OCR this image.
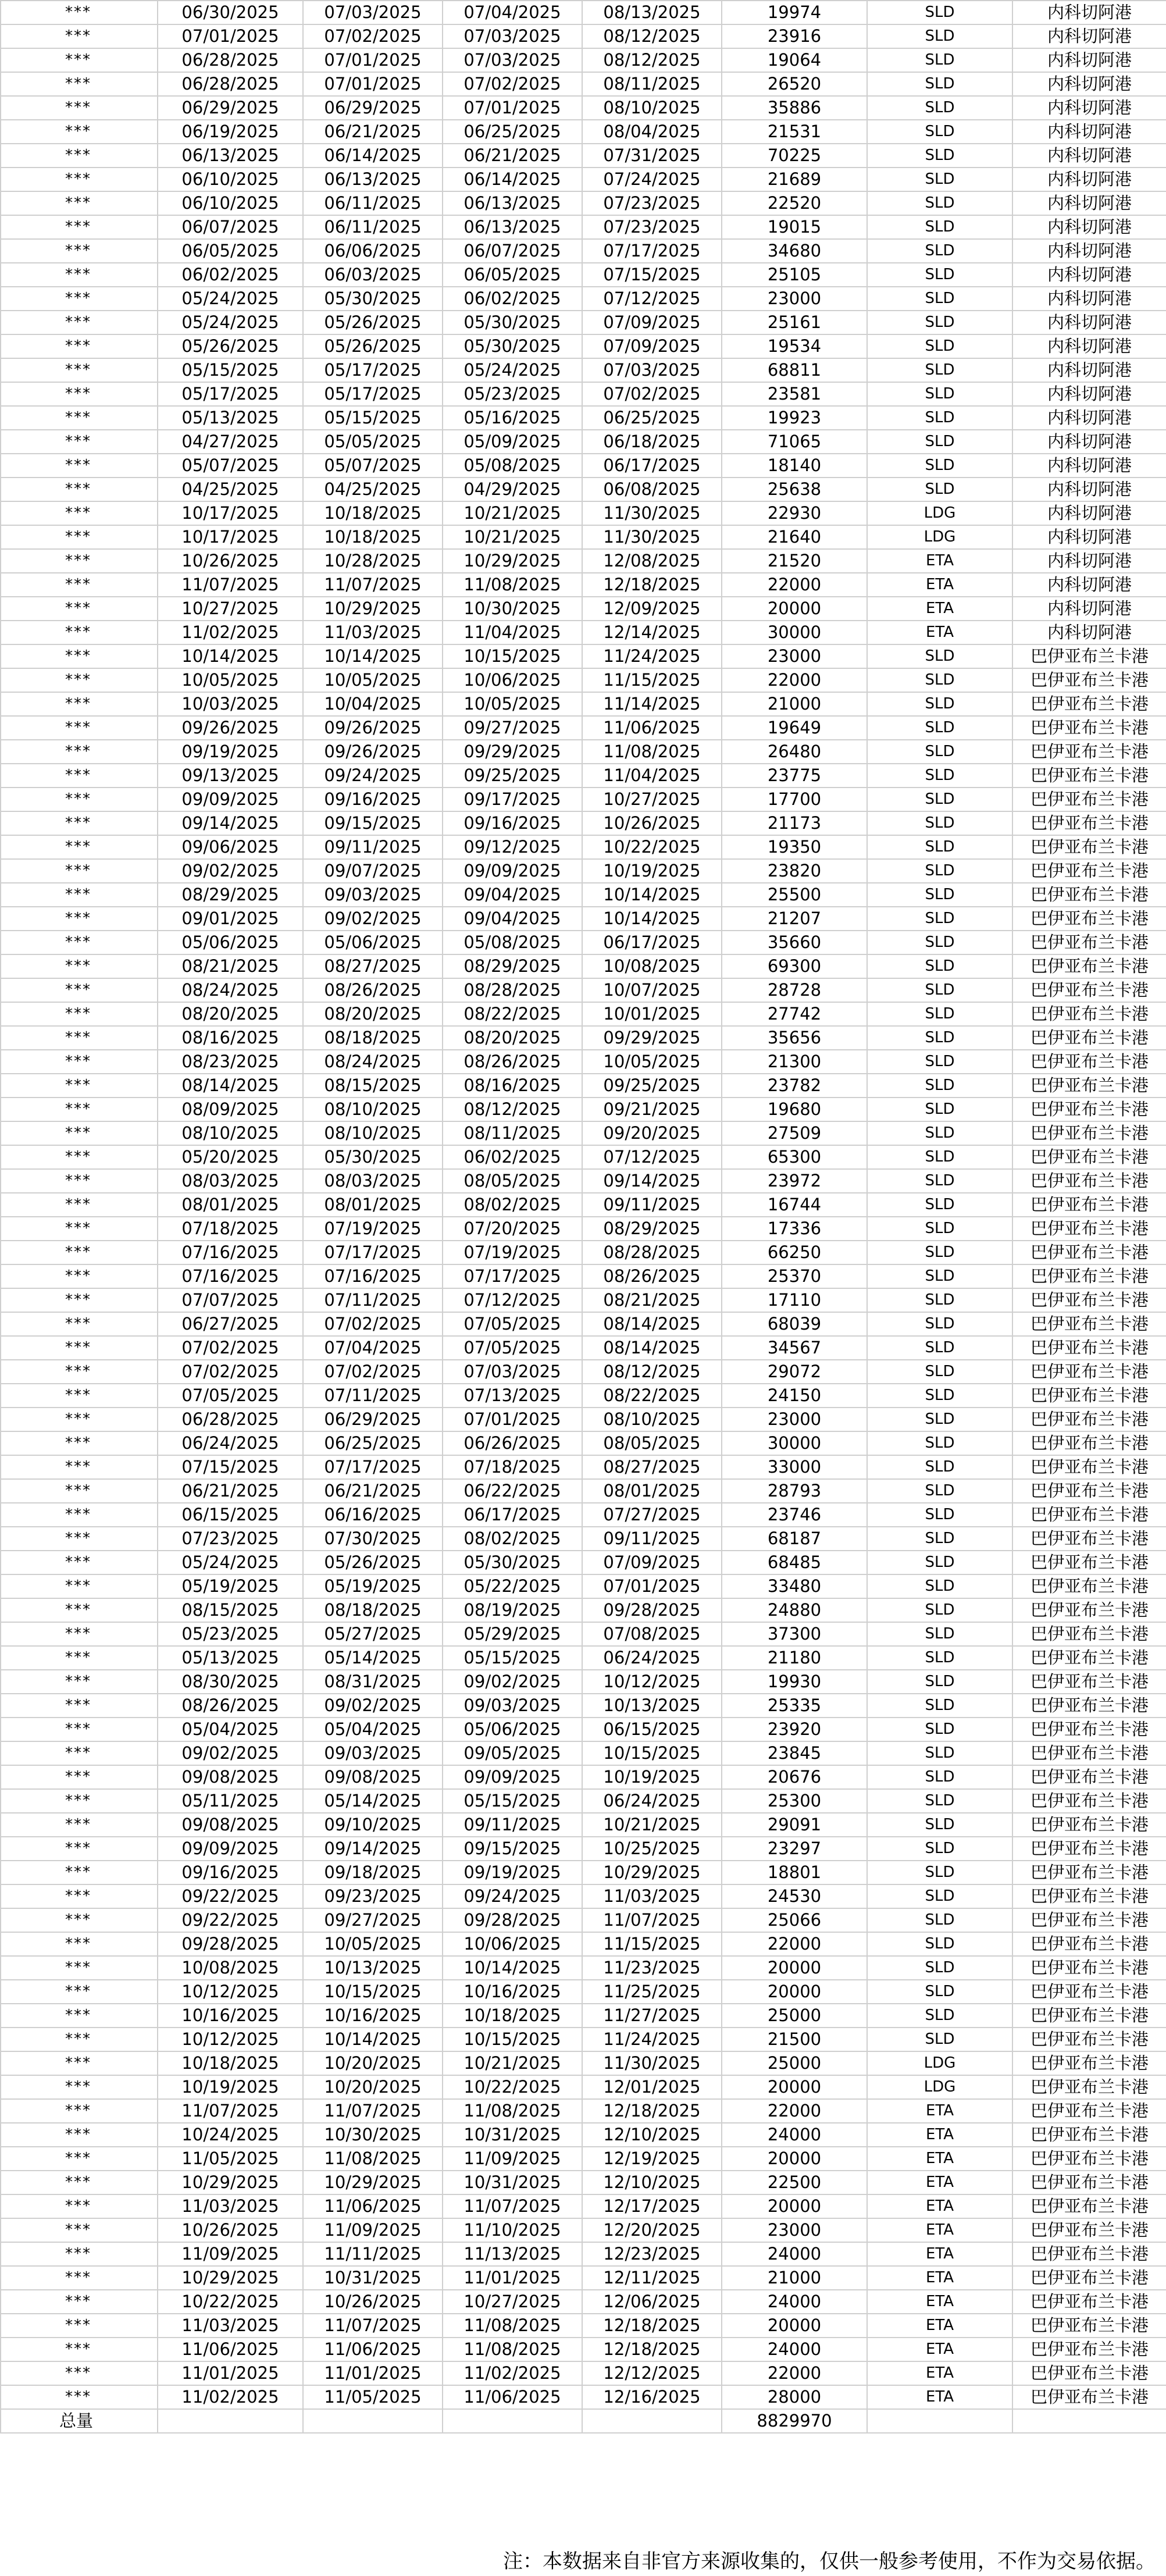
***	06/30/2025	07/03/2025	07/04/2025	08/13/2025	19974	SLD	内科切阿港
***	07/01/2025	07/02/2025	07/03/2025	08/12/2025	23916	SLD	内科切阿港
***	06/28/2025	07/01/2025	07/03/2025	08/12/2025	19064	SLD	内科切阿港
***	06/28/2025	07/01/2025	07/02/2025	08/11/2025	26520	SLD	内科切阿港
***	06/29/2025	06/29/2025	07/01/2025	08/10/2025	35886	SLD	内科切阿港
***	06/19/2025	06/21/2025	06/25/2025	08/04/2025	21531	SLD	内科切阿港
***	06/13/2025	06/14/2025	06/21/2025	07/31/2025	70225	SLD	内科切阿港
***	06/10/2025	06/13/2025	06/14/2025	07/24/2025	21689	SLD	内科切阿港
***	06/10/2025	06/11/2025	06/13/2025	07/23/2025	22520	SLD	内科切阿港
***	06/07/2025	06/11/2025	06/13/2025	07/23/2025	19015	SLD	内科切阿港
***	06/05/2025	06/06/2025	06/07/2025	07/17/2025	34680	SLD	内科切阿港
***	06/02/2025	06/03/2025	06/05/2025	07/15/2025	25105	SLD	内科切阿港
***	05/24/2025	05/30/2025	06/02/2025	07/12/2025	23000	SLD	内科切阿港
***	05/24/2025	05/26/2025	05/30/2025	07/09/2025	25161	SLD	内科切阿港
***	05/26/2025	05/26/2025	05/30/2025	07/09/2025	19534	SLD	内科切阿港
***	05/15/2025	05/17/2025	05/24/2025	07/03/2025	68811	SLD	内科切阿港
***	05/17/2025	05/17/2025	05/23/2025	07/02/2025	23581	SLD	内科切阿港
***	05/13/2025	05/15/2025	05/16/2025	06/25/2025	19923	SLD	内科切阿港
***	04/27/2025	05/05/2025	05/09/2025	06/18/2025	71065	SLD	内科切阿港
***	05/07/2025	05/07/2025	05/08/2025	06/17/2025	18140	SLD	内科切阿港
***	04/25/2025	04/25/2025	04/29/2025	06/08/2025	25638	SLD	内科切阿港
***	10/17/2025	10/18/2025	10/21/2025	11/30/2025	22930	LDG	内科切阿港
***	10/17/2025	10/18/2025	10/21/2025	11/30/2025	21640	LDG	内科切阿港
***	10/26/2025	10/28/2025	10/29/2025	12/08/2025	21520	ETA	内科切阿港
***	11/07/2025	11/07/2025	11/08/2025	12/18/2025	22000	ETA	内科切阿港
***	10/27/2025	10/29/2025	10/30/2025	12/09/2025	20000	ETA	内科切阿港
***	11/02/2025	11/03/2025	11/04/2025	12/14/2025	30000	ETA	内科切阿港
***	10/14/2025	10/14/2025	10/15/2025	11/24/2025	23000	SLD	巴伊亚布兰卡港
***	10/05/2025	10/05/2025	10/06/2025	11/15/2025	22000	SLD	巴伊亚布兰卡港
***	10/03/2025	10/04/2025	10/05/2025	11/14/2025	21000	SLD	巴伊亚布兰卡港
***	09/26/2025	09/26/2025	09/27/2025	11/06/2025	19649	SLD	巴伊亚布兰卡港
***	09/19/2025	09/26/2025	09/29/2025	11/08/2025	26480	SLD	巴伊亚布兰卡港
***	09/13/2025	09/24/2025	09/25/2025	11/04/2025	23775	SLD	巴伊亚布兰卡港
***	09/09/2025	09/16/2025	09/17/2025	10/27/2025	17700	SLD	巴伊亚布兰卡港
***	09/14/2025	09/15/2025	09/16/2025	10/26/2025	21173	SLD	巴伊亚布兰卡港
***	09/06/2025	09/11/2025	09/12/2025	10/22/2025	19350	SLD	巴伊亚布兰卡港
***	09/02/2025	09/07/2025	09/09/2025	10/19/2025	23820	SLD	巴伊亚布兰卡港
***	08/29/2025	09/03/2025	09/04/2025	10/14/2025	25500	SLD	巴伊亚布兰卡港
***	09/01/2025	09/02/2025	09/04/2025	10/14/2025	21207	SLD	巴伊亚布兰卡港
***	05/06/2025	05/06/2025	05/08/2025	06/17/2025	35660	SLD	巴伊亚布兰卡港
***	08/21/2025	08/27/2025	08/29/2025	10/08/2025	69300	SLD	巴伊亚布兰卡港
***	08/24/2025	08/26/2025	08/28/2025	10/07/2025	28728	SLD	巴伊亚布兰卡港
***	08/20/2025	08/20/2025	08/22/2025	10/01/2025	27742	SLD	巴伊亚布兰卡港
***	08/16/2025	08/18/2025	08/20/2025	09/29/2025	35656	SLD	巴伊亚布兰卡港
***	08/23/2025	08/24/2025	08/26/2025	10/05/2025	21300	SLD	巴伊亚布兰卡港
***	08/14/2025	08/15/2025	08/16/2025	09/25/2025	23782	SLD	巴伊亚布兰卡港
***	08/09/2025	08/10/2025	08/12/2025	09/21/2025	19680	SLD	巴伊亚布兰卡港
***	08/10/2025	08/10/2025	08/11/2025	09/20/2025	27509	SLD	巴伊亚布兰卡港
***	05/20/2025	05/30/2025	06/02/2025	07/12/2025	65300	SLD	巴伊亚布兰卡港
***	08/03/2025	08/03/2025	08/05/2025	09/14/2025	23972	SLD	巴伊亚布兰卡港
***	08/01/2025	08/01/2025	08/02/2025	09/11/2025	16744	SLD	巴伊亚布兰卡港
***	07/18/2025	07/19/2025	07/20/2025	08/29/2025	17336	SLD	巴伊亚布兰卡港
***	07/16/2025	07/17/2025	07/19/2025	08/28/2025	66250	SLD	巴伊亚布兰卡港
***	07/16/2025	07/16/2025	07/17/2025	08/26/2025	25370	SLD	巴伊亚布兰卡港
***	07/07/2025	07/11/2025	07/12/2025	08/21/2025	17110	SLD	巴伊亚布兰卡港
***	06/27/2025	07/02/2025	07/05/2025	08/14/2025	68039	SLD	巴伊亚布兰卡港
***	07/02/2025	07/04/2025	07/05/2025	08/14/2025	34567	SLD	巴伊亚布兰卡港
***	07/02/2025	07/02/2025	07/03/2025	08/12/2025	29072	SLD	巴伊亚布兰卡港
***	07/05/2025	07/11/2025	07/13/2025	08/22/2025	24150	SLD	巴伊亚布兰卡港
***	06/28/2025	06/29/2025	07/01/2025	08/10/2025	23000	SLD	巴伊亚布兰卡港
***	06/24/2025	06/25/2025	06/26/2025	08/05/2025	30000	SLD	巴伊亚布兰卡港
***	07/15/2025	07/17/2025	07/18/2025	08/27/2025	33000	SLD	巴伊亚布兰卡港
***	06/21/2025	06/21/2025	06/22/2025	08/01/2025	28793	SLD	巴伊亚布兰卡港
***	06/15/2025	06/16/2025	06/17/2025	07/27/2025	23746	SLD	巴伊亚布兰卡港
***	07/23/2025	07/30/2025	08/02/2025	09/11/2025	68187	SLD	巴伊亚布兰卡港
***	05/24/2025	05/26/2025	05/30/2025	07/09/2025	68485	SLD	巴伊亚布兰卡港
***	05/19/2025	05/19/2025	05/22/2025	07/01/2025	33480	SLD	巴伊亚布兰卡港
***	08/15/2025	08/18/2025	08/19/2025	09/28/2025	24880	SLD	巴伊亚布兰卡港
***	05/23/2025	05/27/2025	05/29/2025	07/08/2025	37300	SLD	巴伊亚布兰卡港
***	05/13/2025	05/14/2025	05/15/2025	06/24/2025	21180	SLD	巴伊亚布兰卡港
***	08/30/2025	08/31/2025	09/02/2025	10/12/2025	19930	SLD	巴伊亚布兰卡港
***	08/26/2025	09/02/2025	09/03/2025	10/13/2025	25335	SLD	巴伊亚布兰卡港
***	05/04/2025	05/04/2025	05/06/2025	06/15/2025	23920	SLD	巴伊亚布兰卡港
***	09/02/2025	09/03/2025	09/05/2025	10/15/2025	23845	SLD	巴伊亚布兰卡港
***	09/08/2025	09/08/2025	09/09/2025	10/19/2025	20676	SLD	巴伊亚布兰卡港
***	05/11/2025	05/14/2025	05/15/2025	06/24/2025	25300	SLD	巴伊亚布兰卡港
***	09/08/2025	09/10/2025	09/11/2025	10/21/2025	29091	SLD	巴伊亚布兰卡港
***	09/09/2025	09/14/2025	09/15/2025	10/25/2025	23297	SLD	巴伊亚布兰卡港
***	09/16/2025	09/18/2025	09/19/2025	10/29/2025	18801	SLD	巴伊亚布兰卡港
***	09/22/2025	09/23/2025	09/24/2025	11/03/2025	24530	SLD	巴伊亚布兰卡港
***	09/22/2025	09/27/2025	09/28/2025	11/07/2025	25066	SLD	巴伊亚布兰卡港
***	09/28/2025	10/05/2025	10/06/2025	11/15/2025	22000	SLD	巴伊亚布兰卡港
***	10/08/2025	10/13/2025	10/14/2025	11/23/2025	20000	SLD	巴伊亚布兰卡港
***	10/12/2025	10/15/2025	10/16/2025	11/25/2025	20000	SLD	巴伊亚布兰卡港
***	10/16/2025	10/16/2025	10/18/2025	11/27/2025	25000	SLD	巴伊亚布兰卡港
***	10/12/2025	10/14/2025	10/15/2025	11/24/2025	21500	SLD	巴伊亚布兰卡港
***	10/18/2025	10/20/2025	10/21/2025	11/30/2025	25000	LDG	巴伊亚布兰卡港
***	10/19/2025	10/20/2025	10/22/2025	12/01/2025	20000	LDG	巴伊亚布兰卡港
***	11/07/2025	11/07/2025	11/08/2025	12/18/2025	22000	ETA	巴伊亚布兰卡港
***	10/24/2025	10/30/2025	10/31/2025	12/10/2025	24000	ETA	巴伊亚布兰卡港
***	11/05/2025	11/08/2025	11/09/2025	12/19/2025	20000	ETA	巴伊亚布兰卡港
***	10/29/2025	10/29/2025	10/31/2025	12/10/2025	22500	ETA	巴伊亚布兰卡港
***	11/03/2025	11/06/2025	11/07/2025	12/17/2025	20000	ETA	巴伊亚布兰卡港
***	10/26/2025	11/09/2025	11/10/2025	12/20/2025	23000	ETA	巴伊亚布兰卡港
***	11/09/2025	11/11/2025	11/13/2025	12/23/2025	24000	ETA	巴伊亚布兰卡港
***	10/29/2025	10/31/2025	11/01/2025	12/11/2025	21000	ETA	巴伊亚布兰卡港
***	10/22/2025	10/26/2025	10/27/2025	12/06/2025	24000	ETA	巴伊亚布兰卡港
***	11/03/2025	11/07/2025	11/08/2025	12/18/2025	20000	ETA	巴伊亚布兰卡港
***	11/06/2025	11/06/2025	11/08/2025	12/18/2025	24000	ETA	巴伊亚布兰卡港
***	11/01/2025	11/01/2025	11/02/2025	12/12/2025	22000	ETA	巴伊亚布兰卡港
***	11/02/2025	11/05/2025	11/06/2025	12/16/2025	28000	ETA	巴伊亚布兰卡港
总量					8829970		
注：本数据来自非官方来源收集的，仅供一般参考使用，不作为交易依据。
